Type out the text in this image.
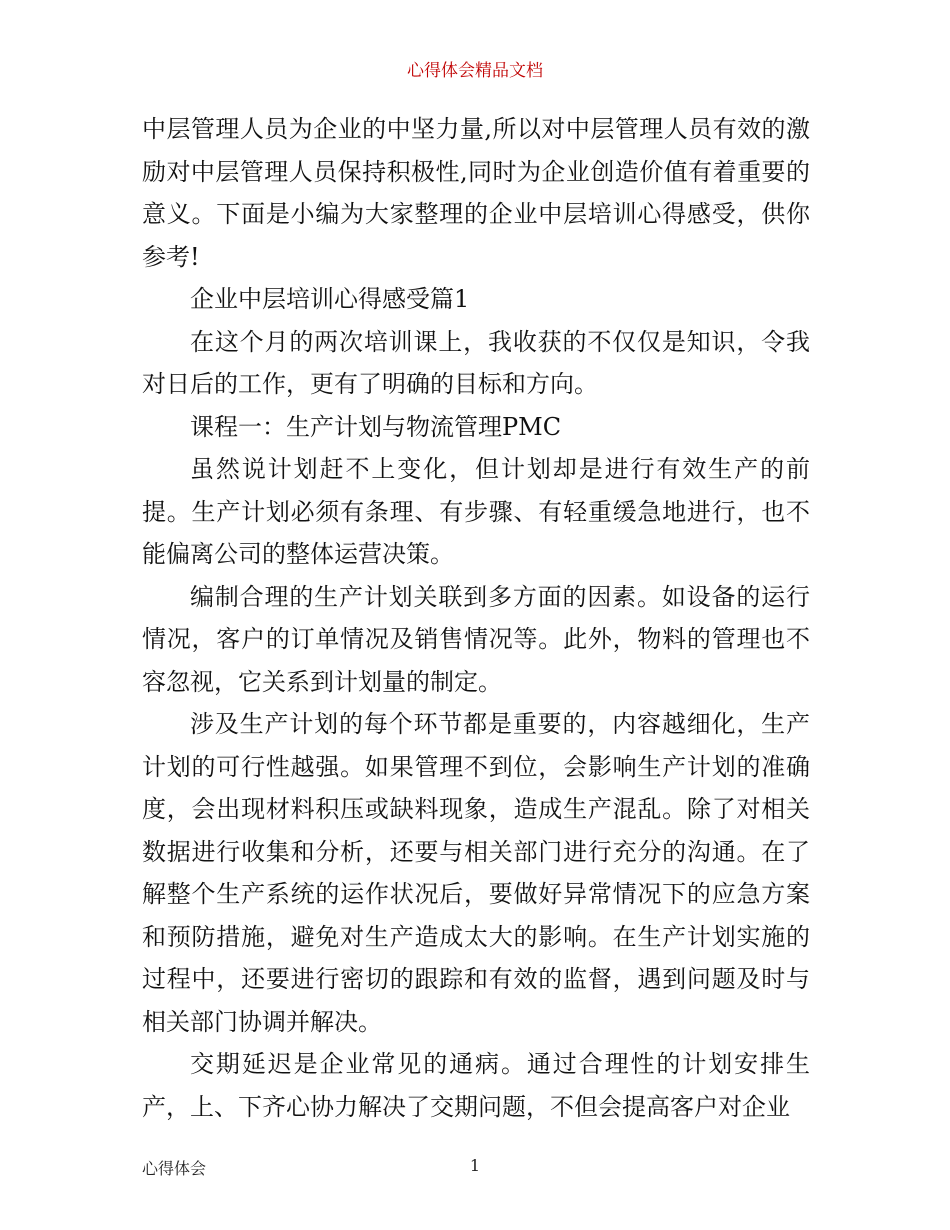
心得体会精品文档

中层管理人员为企业的中坚力量,所以对中层管理人员有效的激励对中层管理人员保持积极性,同时为企业创造价值有着重要的意义。下面是小编为大家整理的企业中层培训心得感受，供你参考!

企业中层培训心得感受篇1

在这个月的两次培训课上，我收获的不仅仅是知识，令我对日后的工作，更有了明确的目标和方向。

课程一：生产计划与物流管理PMC

虽然说计划赶不上变化，但计划却是进行有效生产的前提。生产计划必须有条理、有步骤、有轻重缓急地进行，也不能偏离公司的整体运营决策。

编制合理的生产计划关联到多方面的因素。如设备的运行情况，客户的订单情况及销售情况等。此外，物料的管理也不容忽视，它关系到计划量的制定。

涉及生产计划的每个环节都是重要的，内容越细化，生产计划的可行性越强。如果管理不到位，会影响生产计划的准确度，会出现材料积压或缺料现象，造成生产混乱。除了对相关数据进行收集和分析，还要与相关部门进行充分的沟通。在了解整个生产系统的运作状况后，要做好异常情况下的应急方案和预防措施，避免对生产造成太大的影响。在生产计划实施的过程中，还要进行密切的跟踪和有效的监督，遇到问题及时与相关部门协调并解决。

交期延迟是企业常见的通病。通过合理性的计划安排生产，上、下齐心协力解决了交期问题，不但会提高客户对企业

心得体会	1
